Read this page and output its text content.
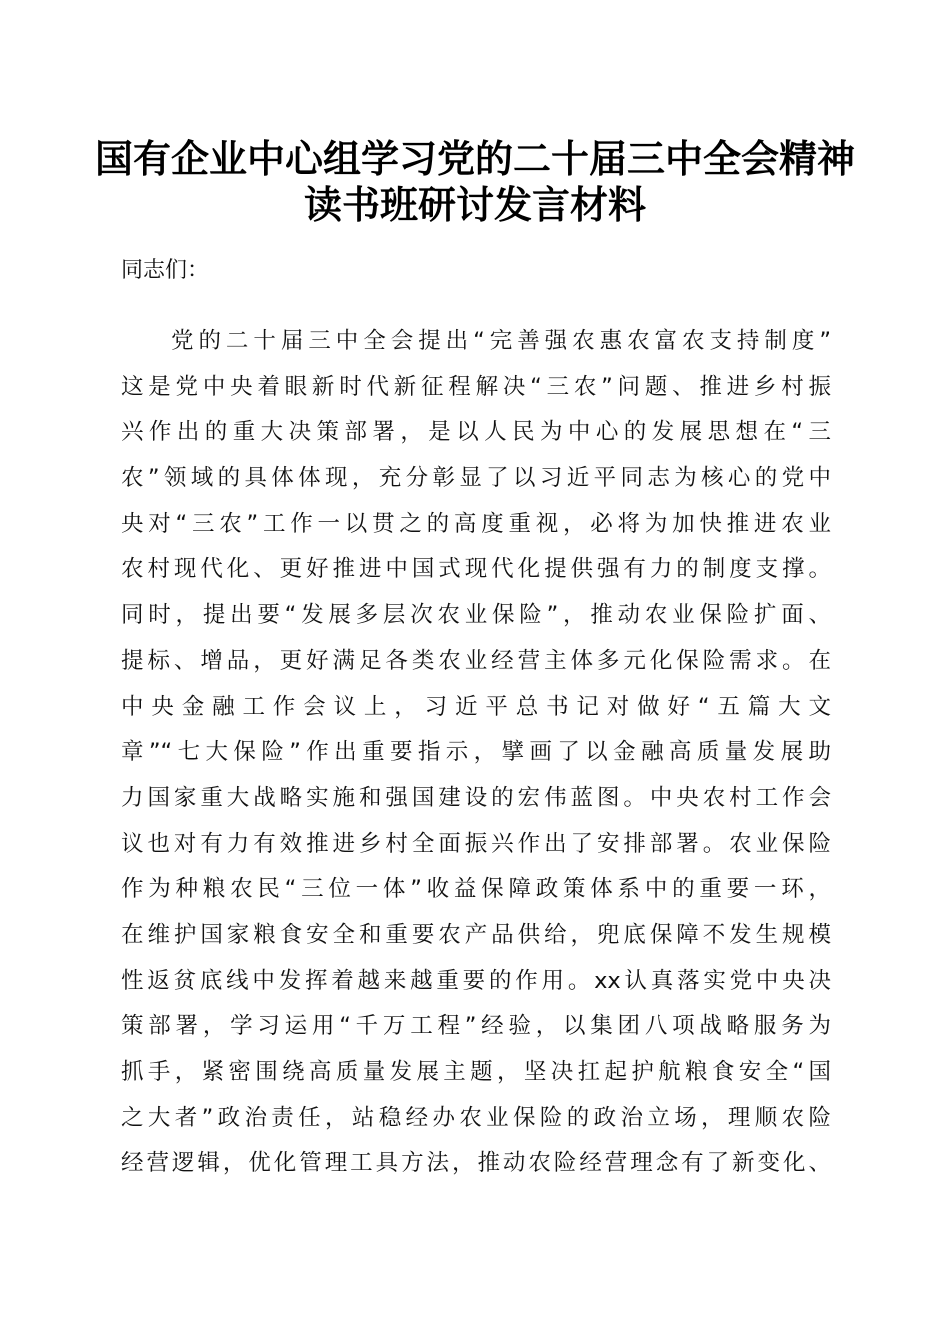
国有企业中心组学习党的二十届三中全会精神
读书班研讨发言材料
同志们：
党的二十届三中全会提出“完善强农惠农富农支持制度”
这是党中央着眼新时代新征程解决“三农”问题、推进乡村振
兴作出的重大决策部署，是以人民为中心的发展思想在“三
农”领域的具体体现，充分彰显了以习近平同志为核心的党中
央对“三农”工作一以贯之的高度重视，必将为加快推进农业
农村现代化、更好推进中国式现代化提供强有力的制度支撑。
同时，提出要“发展多层次农业保险”，推动农业保险扩面、
提标、增品，更好满足各类农业经营主体多元化保险需求。在
中央金融工作会议上，习近平总书记对做好“五篇大文
章”“七大保险”作出重要指示，擘画了以金融高质量发展助
力国家重大战略实施和强国建设的宏伟蓝图。中央农村工作会
议也对有力有效推进乡村全面振兴作出了安排部署。农业保险
作为种粮农民“三位一体”收益保障政策体系中的重要一环，
在维护国家粮食安全和重要农产品供给，兜底保障不发生规模
性返贫底线中发挥着越来越重要的作用。xx认真落实党中央决
策部署，学习运用“千万工程”经验，以集团八项战略服务为
抓手，紧密围绕高质量发展主题，坚决扛起护航粮食安全“国
之大者”政治责任，站稳经办农业保险的政治立场，理顺农险
经营逻辑，优化管理工具方法，推动农险经营理念有了新变化、
